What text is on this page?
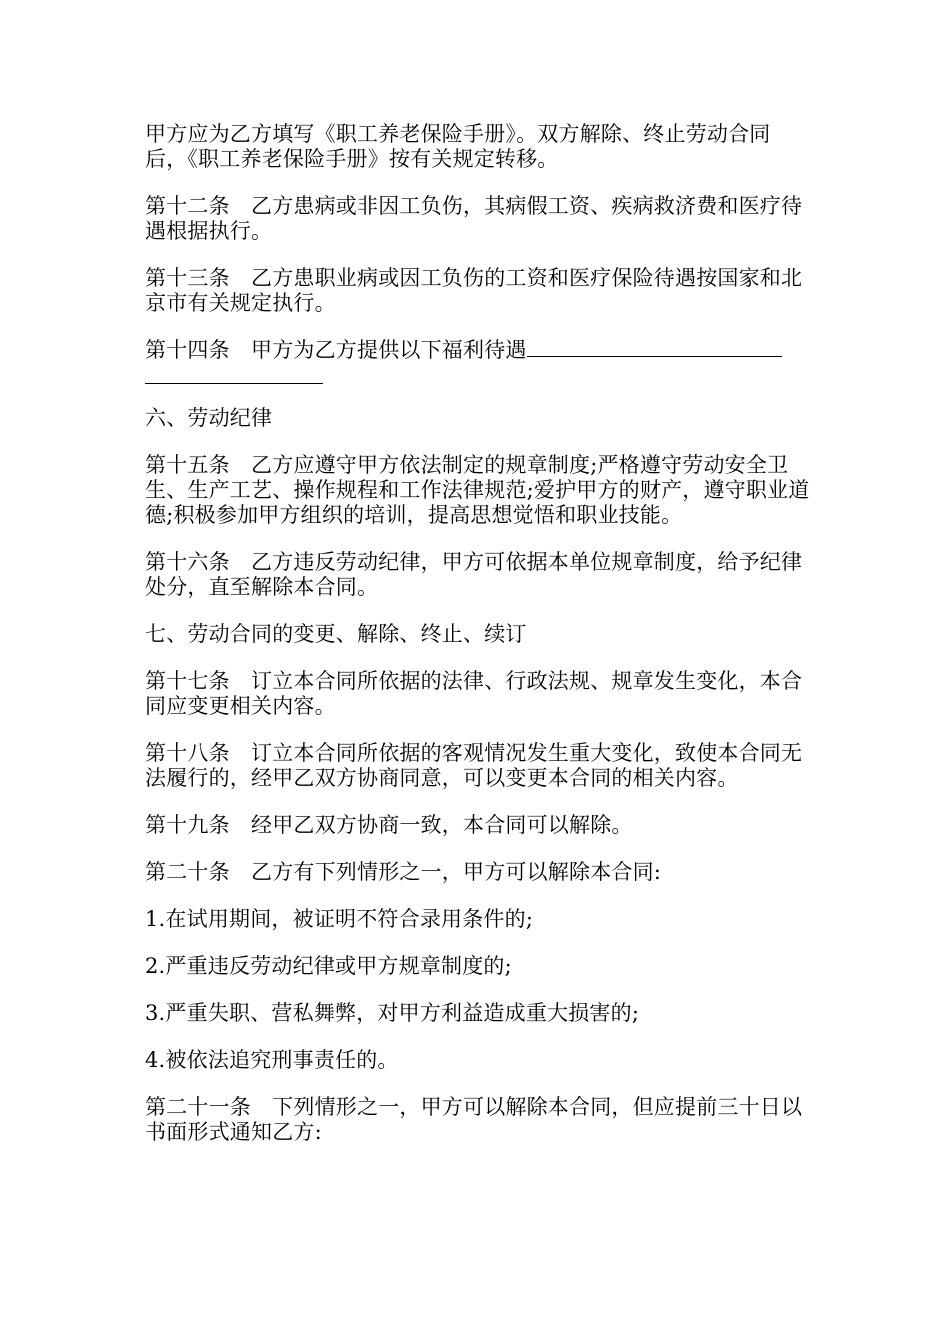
甲方应为乙方填写《职工养老保险手册》。双方解除、终止劳动合同后，《职工养老保险手册》按有关规定转移。

第十二条　乙方患病或非因工负伤，其病假工资、疾病救济费和医疗待遇根据执行。

第十三条　乙方患职业病或因工负伤的工资和医疗保险待遇按国家和北京市有关规定执行。

第十四条　甲方为乙方提供以下福利待遇

六、劳动纪律

第十五条　乙方应遵守甲方依法制定的规章制度;严格遵守劳动安全卫生、生产工艺、操作规程和工作法律规范;爱护甲方的财产，遵守职业道德;积极参加甲方组织的培训，提高思想觉悟和职业技能。

第十六条　乙方违反劳动纪律，甲方可依据本单位规章制度，给予纪律处分，直至解除本合同。

七、劳动合同的变更、解除、终止、续订

第十七条　订立本合同所依据的法律、行政法规、规章发生变化，本合同应变更相关内容。

第十八条　订立本合同所依据的客观情况发生重大变化，致使本合同无法履行的，经甲乙双方协商同意，可以变更本合同的相关内容。

第十九条　经甲乙双方协商一致，本合同可以解除。

第二十条　乙方有下列情形之一，甲方可以解除本合同:

1.在试用期间，被证明不符合录用条件的;

2.严重违反劳动纪律或甲方规章制度的;

3.严重失职、营私舞弊，对甲方利益造成重大损害的;

4.被依法追究刑事责任的。

第二十一条　下列情形之一，甲方可以解除本合同，但应提前三十日以书面形式通知乙方:
